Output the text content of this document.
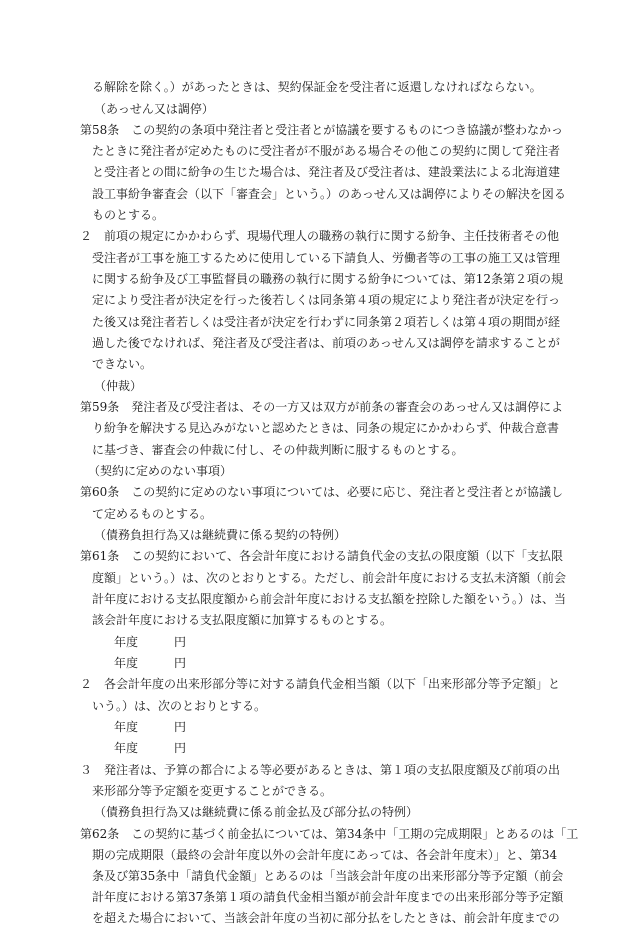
る解除を除く。）があったときは、契約保証金を受注者に返還しなければならない。
（あっせん又は調停）
第58条　この契約の条項中発注者と受注者とが協議を要するものにつき協議が整わなかっ
たときに発注者が定めたものに受注者が不服がある場合その他この契約に関して発注者
と受注者との間に紛争の生じた場合は、発注者及び受注者は、建設業法による北海道建
設工事紛争審査会（以下「審査会」という。）のあっせん又は調停によりその解決を図る
ものとする。
２　前項の規定にかかわらず、現場代理人の職務の執行に関する紛争、主任技術者その他
受注者が工事を施工するために使用している下請負人、労働者等の工事の施工又は管理
に関する紛争及び工事監督員の職務の執行に関する紛争については、第12条第２項の規
定により受注者が決定を行った後若しくは同条第４項の規定により発注者が決定を行っ
た後又は発注者若しくは受注者が決定を行わずに同条第２項若しくは第４項の期間が経
過した後でなければ、発注者及び受注者は、前項のあっせん又は調停を請求することが
できない。
（仲裁）
第59条　発注者及び受注者は、その一方又は双方が前条の審査会のあっせん又は調停によ
り紛争を解決する見込みがないと認めたときは、同条の規定にかかわらず、仲裁合意書
に基づき、審査会の仲裁に付し、その仲裁判断に服するものとする。
（契約に定めのない事項）
第60条　この契約に定めのない事項については、必要に応じ、発注者と受注者とが協議し
て定めるものとする。
（債務負担行為又は継続費に係る契約の特例）
第61条　この契約において、各会計年度における請負代金の支払の限度額（以下「支払限
度額」という。）は、次のとおりとする。ただし、前会計年度における支払未済額（前会
計年度における支払限度額から前会計年度における支払額を控除した額をいう。）は、当
該会計年度における支払限度額に加算するものとする。
年度　　　円
年度　　　円
２　各会計年度の出来形部分等に対する請負代金相当額（以下「出来形部分等予定額」と
いう。）は、次のとおりとする。
年度　　　円
年度　　　円
３　発注者は、予算の都合による等必要があるときは、第１項の支払限度額及び前項の出
来形部分等予定額を変更することができる。
（債務負担行為又は継続費に係る前金払及び部分払の特例）
第62条　この契約に基づく前金払については、第34条中「工期の完成期限」とあるのは「工
期の完成期限（最終の会計年度以外の会計年度にあっては、各会計年度末）」と、第34
条及び第35条中「請負代金額」とあるのは「当該会計年度の出来形部分等予定額（前会
計年度における第37条第１項の請負代金相当額が前会計年度までの出来形部分等予定額
を超えた場合において、当該会計年度の当初に部分払をしたときは、前会計年度までの
